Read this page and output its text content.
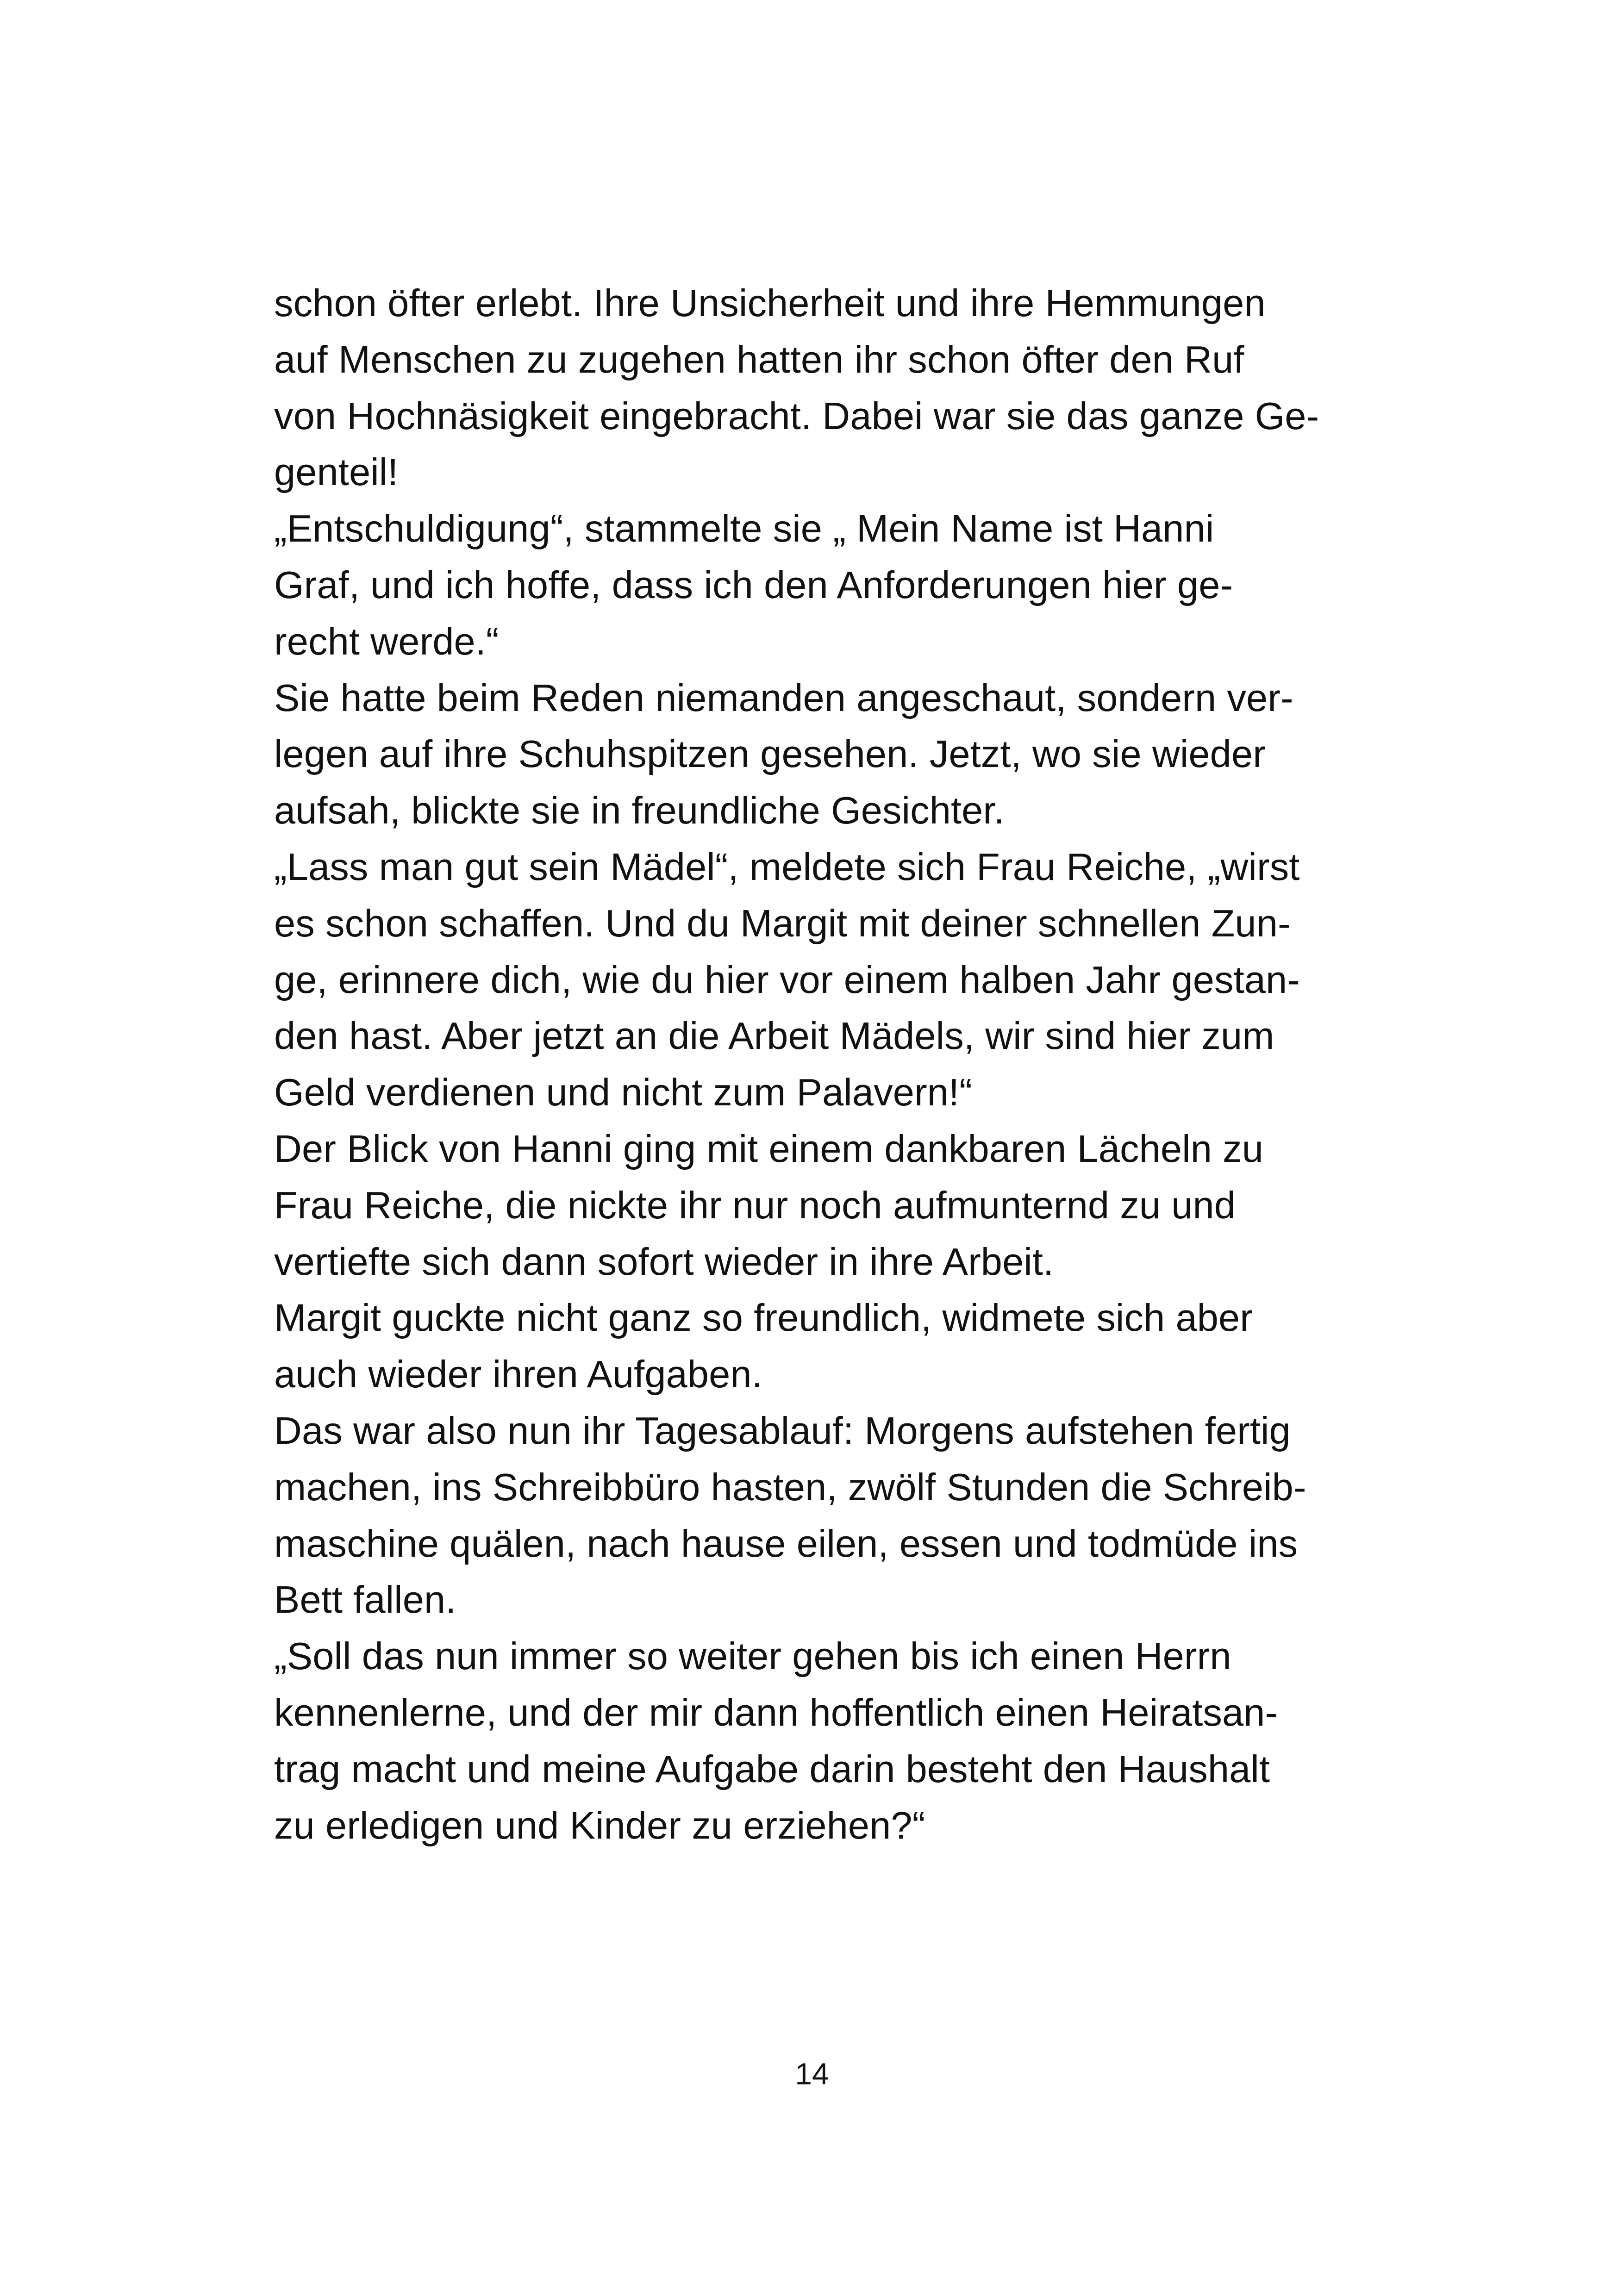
schon öfter erlebt. Ihre Unsicherheit und ihre Hemmungen
auf Menschen zu zugehen hatten ihr schon öfter den Ruf
von Hochnäsigkeit eingebracht. Dabei war sie das ganze Ge-
genteil!
„Entschuldigung“, stammelte sie „ Mein Name ist Hanni
Graf, und ich hoffe, dass ich den Anforderungen hier ge-
recht werde.“
Sie hatte beim Reden niemanden angeschaut, sondern ver-
legen auf ihre Schuhspitzen gesehen. Jetzt, wo sie wieder
aufsah, blickte sie in freundliche Gesichter.
„Lass man gut sein Mädel“, meldete sich Frau Reiche, „wirst
es schon schaffen. Und du Margit mit deiner schnellen Zun-
ge, erinnere dich, wie du hier vor einem halben Jahr gestan-
den hast. Aber jetzt an die Arbeit Mädels, wir sind hier zum
Geld verdienen und nicht zum Palavern!“
Der Blick von Hanni ging mit einem dankbaren Lächeln zu
Frau Reiche, die nickte ihr nur noch aufmunternd zu und
vertiefte sich dann sofort wieder in ihre Arbeit.
Margit guckte nicht ganz so freundlich, widmete sich aber
auch wieder ihren Aufgaben.
Das war also nun ihr Tagesablauf: Morgens aufstehen fertig
machen, ins Schreibbüro hasten, zwölf Stunden die Schreib-
maschine quälen, nach hause eilen, essen und todmüde ins
Bett fallen.
„Soll das nun immer so weiter gehen bis ich einen Herrn
kennenlerne, und der mir dann hoffentlich einen Heiratsan-
trag macht und meine Aufgabe darin besteht den Haushalt
zu erledigen und Kinder zu erziehen?“
14
